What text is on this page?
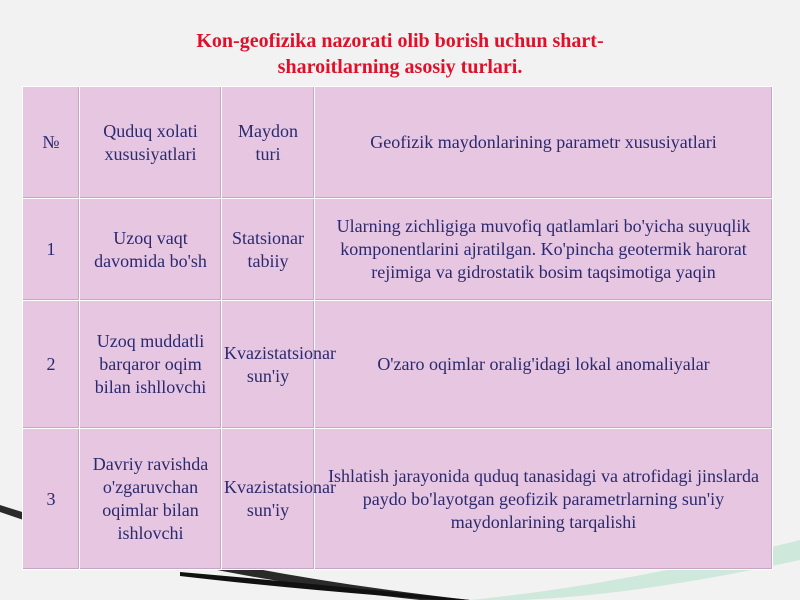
Kon-geofizika nazorati olib borish uchun shart-
sharoitlarning asosiy turlari.
№	Quduq xolati xususiyatlari	Maydon turi	Geofizik maydonlarining parametr xususiyatlari
1	Uzoq vaqt davomida bo'sh	Statsionar tabiiy	Ularning zichligiga muvofiq qatlamlari bo'yicha suyuqlik komponentlarini ajratilgan. Ko'pincha geotermik harorat rejimiga va gidrostatik bosim taqsimotiga yaqin
2	Uzoq muddatli barqaror oqim bilan ishllovchi	Kvazistatsionar sun'iy	O'zaro oqimlar oralig'idagi lokal anomaliyalar
3	Davriy ravishda o'zgaruvchan oqimlar bilan ishlovchi	Kvazistatsionar sun'iy	Ishlatish jarayonida quduq tanasidagi va atrofidagi jinslarda paydo bo'layotgan geofizik parametrlarning sun'iy maydonlarining tarqalishi
